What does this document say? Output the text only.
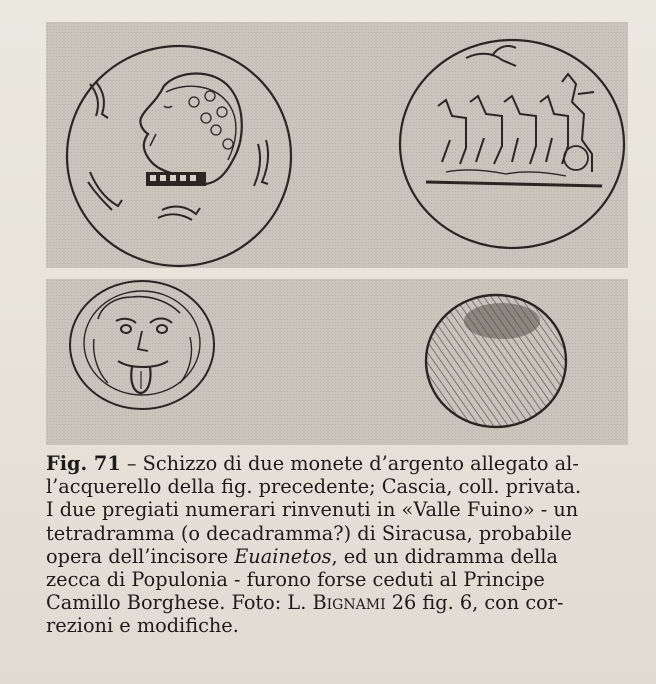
Fig. 71 – Schizzo di due monete d’argento allegato al-
l’acquerello della fig. precedente; Cascia, coll. privata.
I due pregiati numerari rinvenuti in «Valle Fuino» - un
tetradramma (o decadramma?) di Siracusa, probabile
opera dell’incisore Euainetos, ed un didramma della
zecca di Populonia - furono forse ceduti al Principe
Camillo Borghese. Foto: L. Bignami 26 fig. 6, con cor-
rezioni e modifiche.
